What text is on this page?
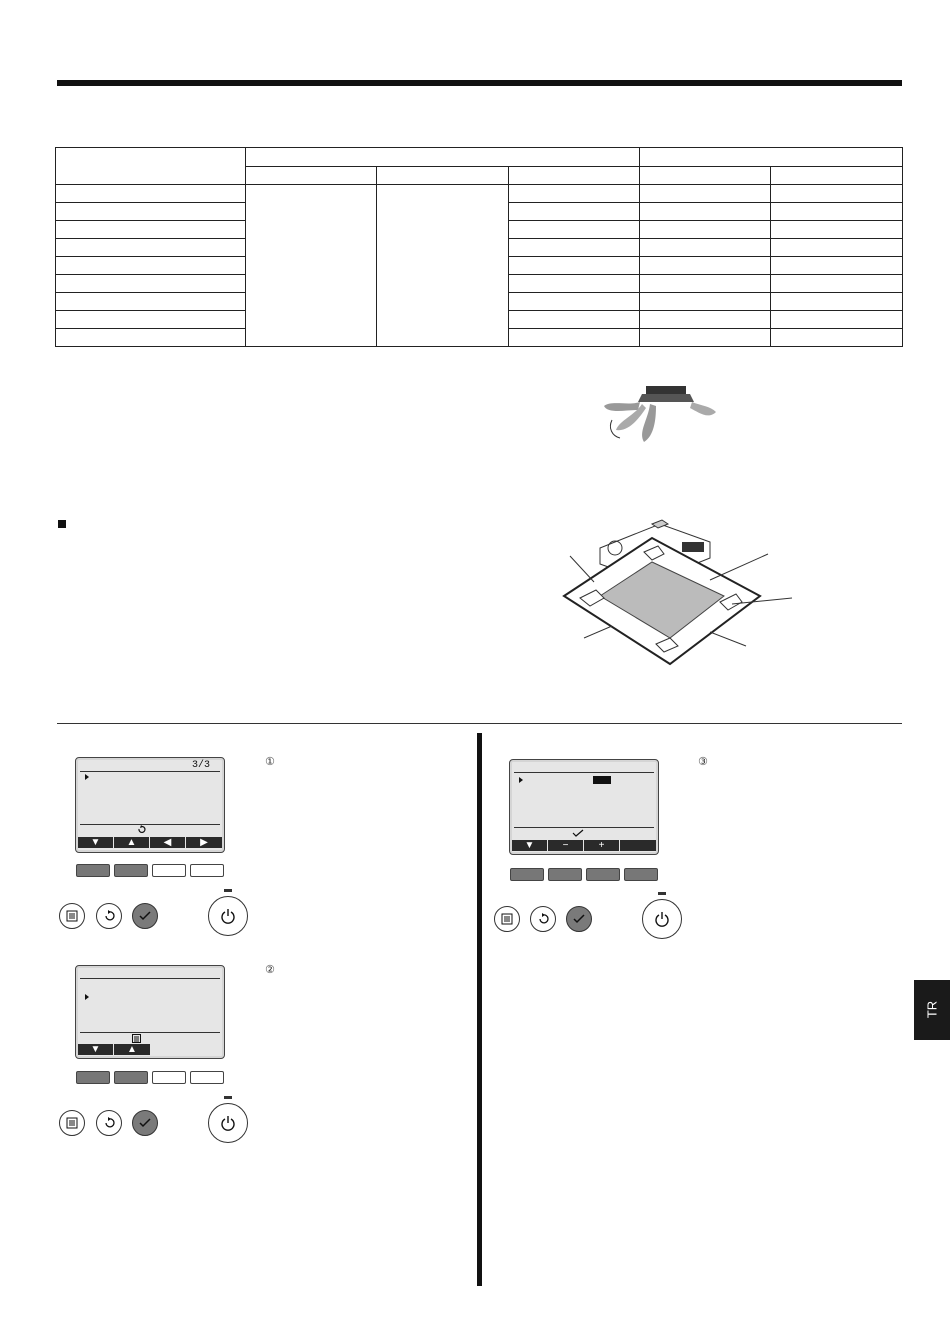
①
3/3
▼	▲	◀	▶
②
▼	▲
③
▼	−	+
TR
